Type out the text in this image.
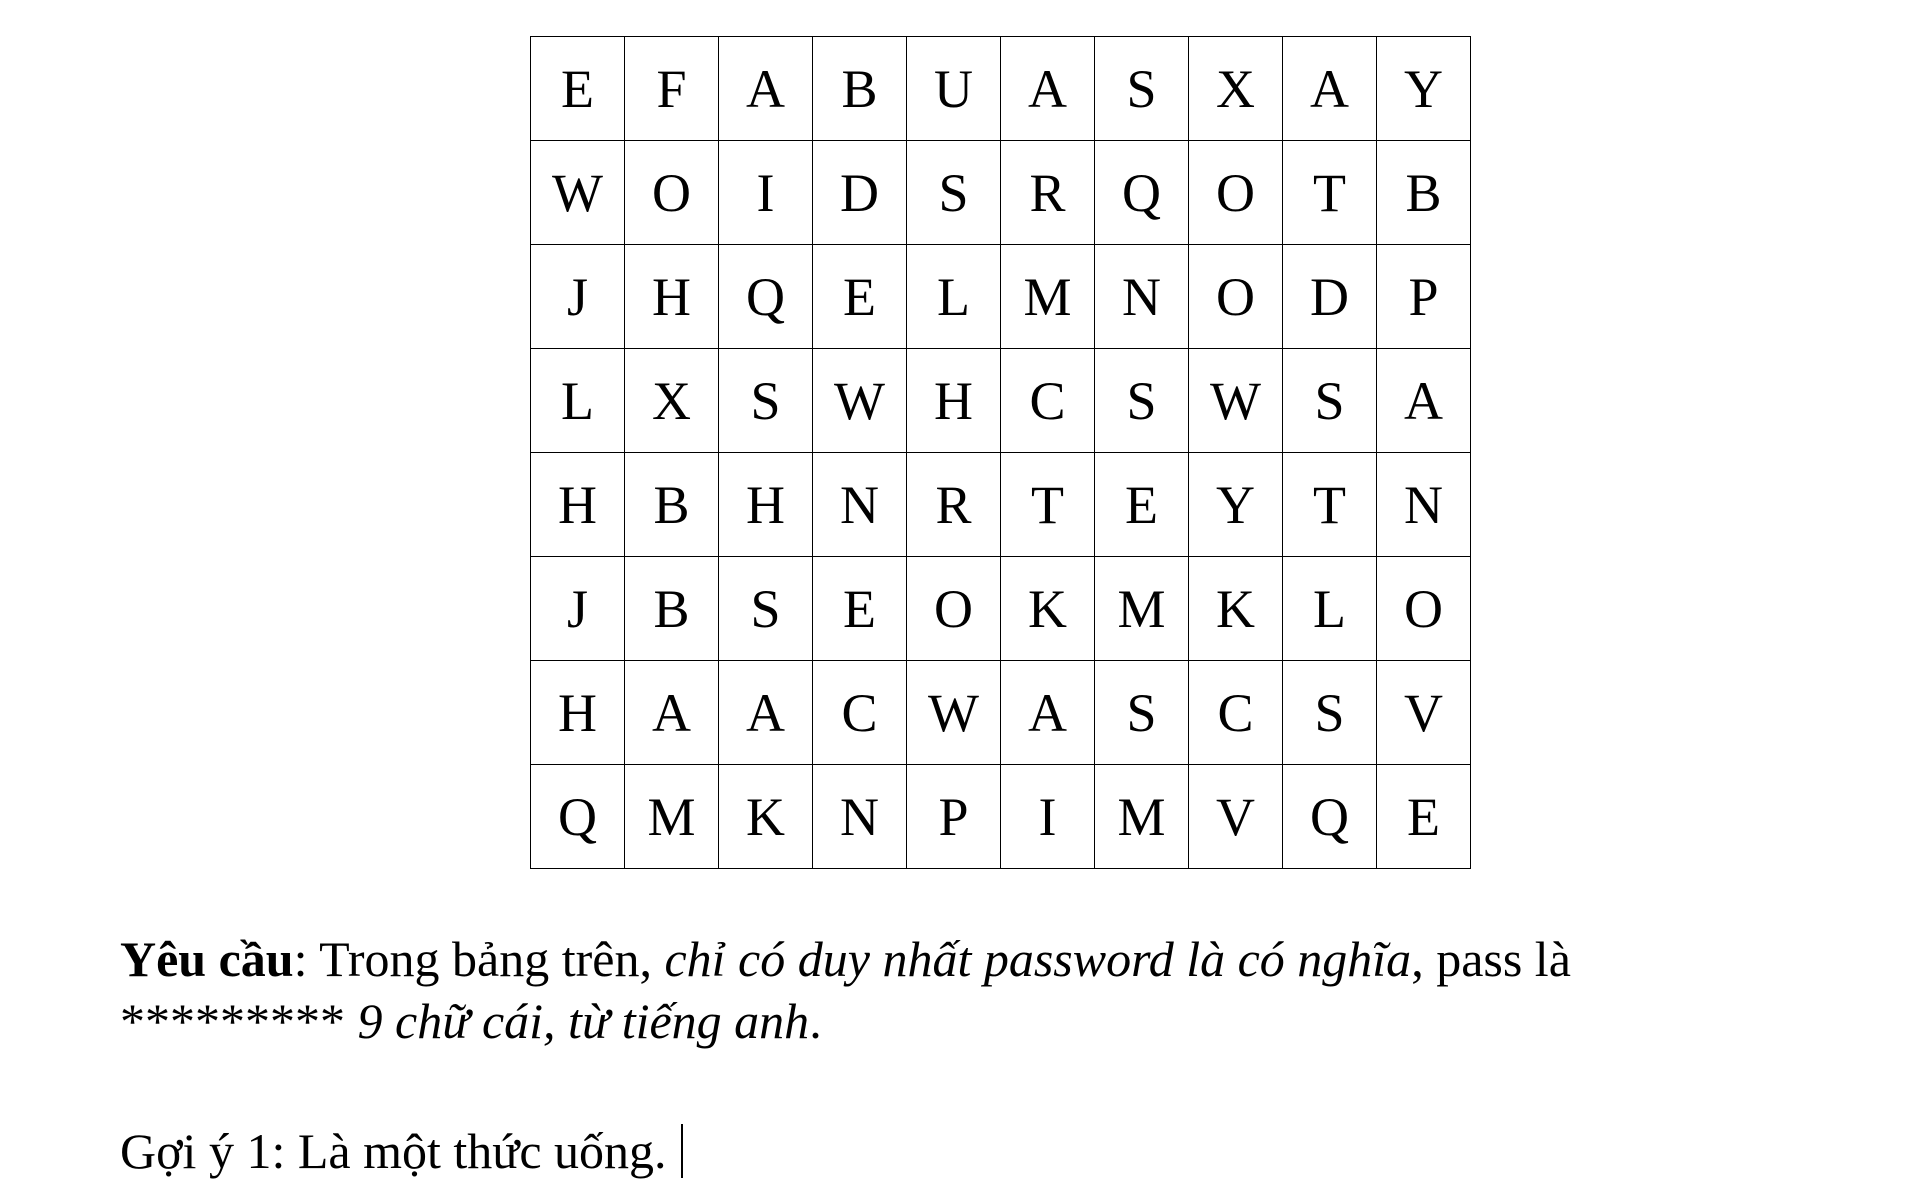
E	F	A	B	U	A	S	X	A	Y
W	O	I	D	S	R	Q	O	T	B
J	H	Q	E	L	M	N	O	D	P
L	X	S	W	H	C	S	W	S	A
H	B	H	N	R	T	E	Y	T	N
J	B	S	E	O	K	M	K	L	O
H	A	A	C	W	A	S	C	S	V
Q	M	K	N	P	I	M	V	Q	E
Yêu cầu: Trong bảng trên, chỉ có duy nhất password là có nghĩa, pass là
********* 9 chữ cái, từ tiếng anh.
Gợi ý 1: Là một thức uống.
